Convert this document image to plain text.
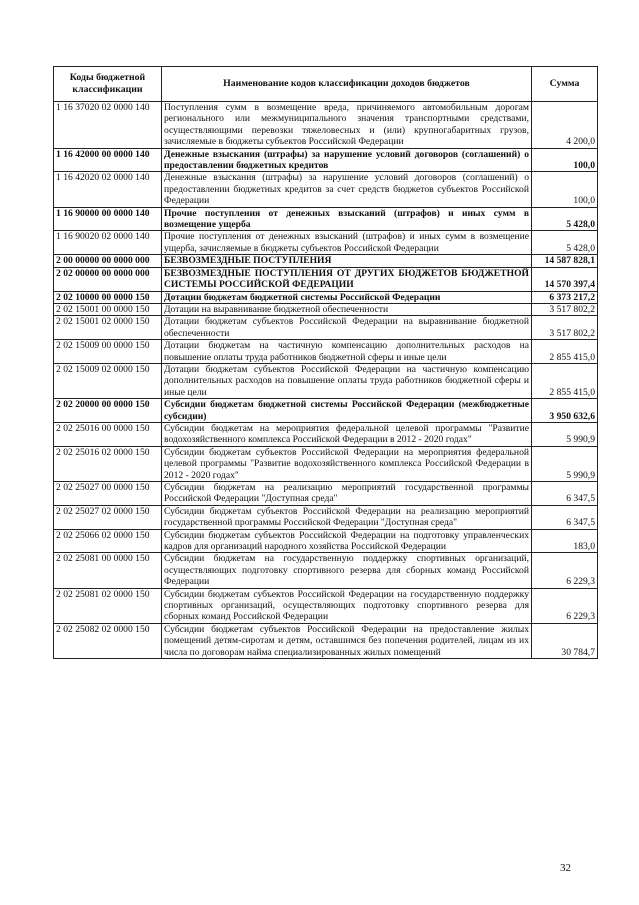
Коды бюджетной классификации	Наименование кодов классификации доходов бюджетов	Сумма
1 16 37020 02 0000 140	Поступления сумм в возмещение вреда, причиняемого автомобильным дорогам регионального или межмуниципального значения транспортными средствами, осуществляющими перевозки тяжеловесных и (или) крупногабаритных грузов, зачисляемые в бюджеты субъектов Российской Федерации	4 200,0
1 16 42000 00 0000 140	Денежные взыскания (штрафы) за нарушение условий договоров (соглашений) о предоставлении бюджетных кредитов	100,0
1 16 42020 02 0000 140	Денежные взыскания (штрафы) за нарушение условий договоров (соглашений) о предоставлении бюджетных кредитов за счет средств бюджетов субъектов Российской Федерации	100,0
1 16 90000 00 0000 140	Прочие поступления от денежных взысканий (штрафов) и иных сумм в возмещение ущерба	5 428,0
1 16 90020 02 0000 140	Прочие поступления от денежных взысканий (штрафов) и иных сумм в возмещение ущерба, зачисляемые в бюджеты субъектов Российской Федерации	5 428,0
2 00 00000 00 0000 000	БЕЗВОЗМЕЗДНЫЕ ПОСТУПЛЕНИЯ	14 587 828,1
2 02 00000 00 0000 000	БЕЗВОЗМЕЗДНЫЕ ПОСТУПЛЕНИЯ ОТ ДРУГИХ БЮДЖЕТОВ БЮДЖЕТНОЙ СИСТЕМЫ РОССИЙСКОЙ ФЕДЕРАЦИИ	14 570 397,4
2 02 10000 00 0000 150	Дотации бюджетам бюджетной системы Российской Федерации	6 373 217,2
2 02 15001 00 0000 150	Дотации на выравнивание бюджетной обеспеченности	3 517 802,2
2 02 15001 02 0000 150	Дотации бюджетам субъектов Российской Федерации на выравнивание бюджетной обеспеченности	3 517 802,2
2 02 15009 00 0000 150	Дотации бюджетам на частичную компенсацию дополнительных расходов на повышение оплаты труда работников бюджетной сферы и иные цели	2 855 415,0
2 02 15009 02 0000 150	Дотации бюджетам субъектов Российской Федерации на частичную компенсацию дополнительных расходов на повышение оплаты труда работников бюджетной сферы и иные цели	2 855 415,0
2 02 20000 00 0000 150	Субсидии бюджетам бюджетной системы Российской Федерации (межбюджетные субсидии)	3 950 632,6
2 02 25016 00 0000 150	Субсидии бюджетам на мероприятия федеральной целевой программы "Развитие водохозяйственного комплекса Российской Федерации в 2012 - 2020 годах"	5 990,9
2 02 25016 02 0000 150	Субсидии бюджетам субъектов Российской Федерации на мероприятия федеральной целевой программы "Развитие водохозяйственного комплекса Российской Федерации в 2012 - 2020 годах"	5 990,9
2 02 25027 00 0000 150	Субсидии бюджетам на реализацию мероприятий государственной программы Российской Федерации "Доступная среда"	6 347,5
2 02 25027 02 0000 150	Субсидии бюджетам субъектов Российской Федерации на реализацию мероприятий государственной программы Российской Федерации "Доступная среда"	6 347,5
2 02 25066 02 0000 150	Субсидии бюджетам субъектов Российской Федерации на подготовку управленческих кадров для организаций народного хозяйства Российской Федерации	183,0
2 02 25081 00 0000 150	Субсидии бюджетам на государственную поддержку спортивных организаций, осуществляющих подготовку спортивного резерва для сборных команд Российской Федерации	6 229,3
2 02 25081 02 0000 150	Субсидии бюджетам субъектов Российской Федерации на государственную поддержку спортивных организаций, осуществляющих подготовку спортивного резерва для сборных команд Российской Федерации	6 229,3
2 02 25082 02 0000 150	Субсидии бюджетам субъектов Российской Федерации на предоставление жилых помещений детям-сиротам и детям, оставшимся без попечения родителей, лицам из их числа по договорам найма специализированных жилых помещений	30 784,7
32
